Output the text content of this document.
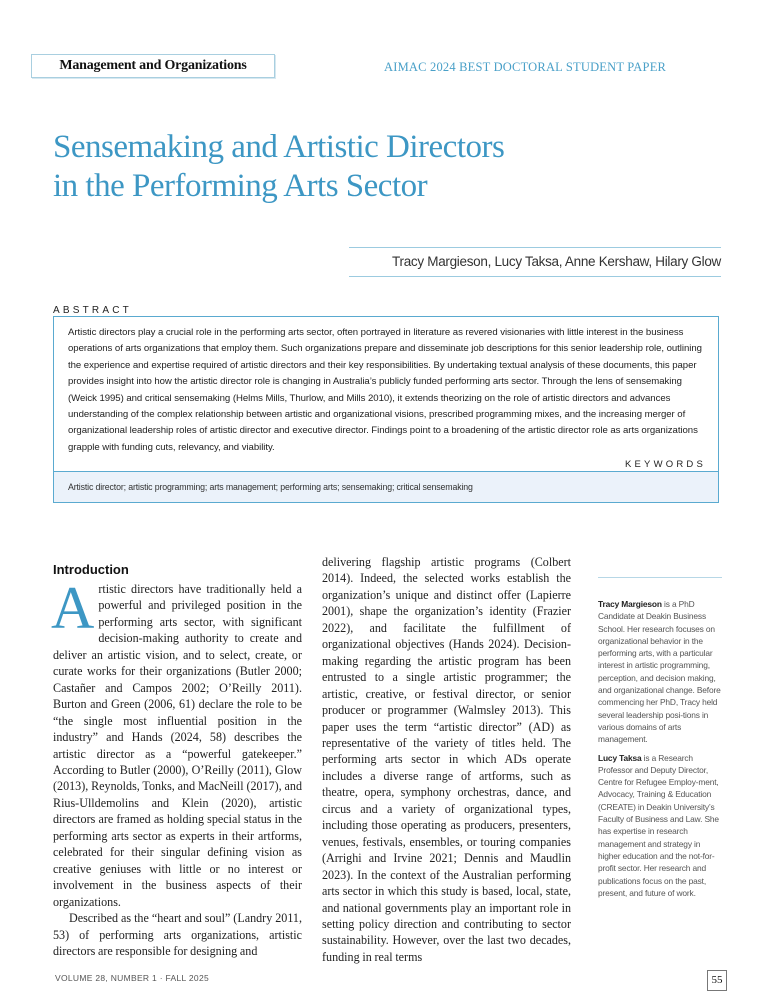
Management and Organizations	AIMAC 2024 BEST DOCTORAL STUDENT PAPER
Sensemaking and Artistic Directors
in the Performing Arts Sector
Tracy Margieson, Lucy Taksa, Anne Kershaw, Hilary Glow
ABSTRACT
Artistic directors play a crucial role in the performing arts sector, often portrayed in literature as revered visionaries with little interest in the business operations of arts organizations that employ them. Such organizations prepare and disseminate job descriptions for this senior leadership role, outlining the experience and expertise required of artistic directors and their key responsibilities. By undertaking textual analysis of these documents, this paper provides insight into how the artistic director role is changing in Australia’s publicly funded performing arts sector. Through the lens of sensemaking (Weick 1995) and critical sensemaking (Helms Mills, Thurlow, and Mills 2010), it extends theorizing on the role of artistic directors and advances understanding of the complex relationship between artistic and organizational visions, prescribed programming mixes, and the increasing merger of organizational leadership roles of artistic director and executive director. Findings point to a broadening of the artistic director role as arts organizations grapple with funding cuts, relevancy, and viability.
KEYWORDS
Artistic director; artistic programming; arts management; performing arts; sensemaking; critical sensemaking
Introduction

Artistic directors have traditionally held a powerful and privileged position in the performing arts sector, with significant decision-making authority to create and deliver an artistic vision, and to select, create, or curate works for their organizations (Butler 2000; Castañer and Campos 2002; O’Reilly 2011). Burton and Green (2006, 61) declare the role to be “the single most influential position in the industry” and Hands (2024, 58) describes the artistic director as a “powerful gatekeeper.” According to Butler (2000), O’Reilly (2011), Glow (2013), Reynolds, Tonks, and MacNeill (2017), and Rius-Ulldemolins and Klein (2020), artistic directors are framed as holding special status in the performing arts sector as experts in their artforms, celebrated for their singular defining vision as creative geniuses with little or no interest or involvement in the business aspects of their organizations.

Described as the “heart and soul” (Landry 2011, 53) of performing arts organizations, artistic directors are responsible for designing and

delivering flagship artistic programs (Colbert 2014). Indeed, the selected works establish the organization’s unique and distinct offer (Lapierre 2001), shape the organization’s identity (Frazier 2022), and facilitate the fulfillment of organizational objectives (Hands 2024). Decision-making regarding the artistic program has been entrusted to a single artistic programmer; the artistic, creative, or festival director, or senior producer or programmer (Walmsley 2013). This paper uses the term “artistic director” (AD) as representative of the variety of titles held. The performing arts sector in which ADs operate includes a diverse range of artforms, such as theatre, opera, symphony orchestras, dance, and circus and a variety of organizational types, including those operating as producers, presenters, venues, festivals, ensembles, or touring companies (Arrighi and Irvine 2021; Dennis and Maudlin 2023). In the context of the Australian performing arts sector in which this study is based, local, state, and national governments play an important role in setting policy direction and contributing to sector sustainability. However, over the last two decades, funding in real terms

Tracy Margieson is a PhD Candidate at Deakin Business School. Her research focuses on organizational behavior in the performing arts, with a particular interest in artistic programming, perception, and decision making, and organizational change. Before commencing her PhD, Tracy held several leadership posi-tions in various domains of arts management.
Lucy Taksa is a Research Professor and Deputy Director, Centre for Refugee Employ-ment, Advocacy, Training & Education (CREATE) in Deakin University’s Faculty of Business and Law. She has expertise in research management and strategy in higher education and the not-for-profit sector. Her research and publications focus on the past, present, and future of work.
VOLUME 28, NUMBER 1 · FALL 2025	55
